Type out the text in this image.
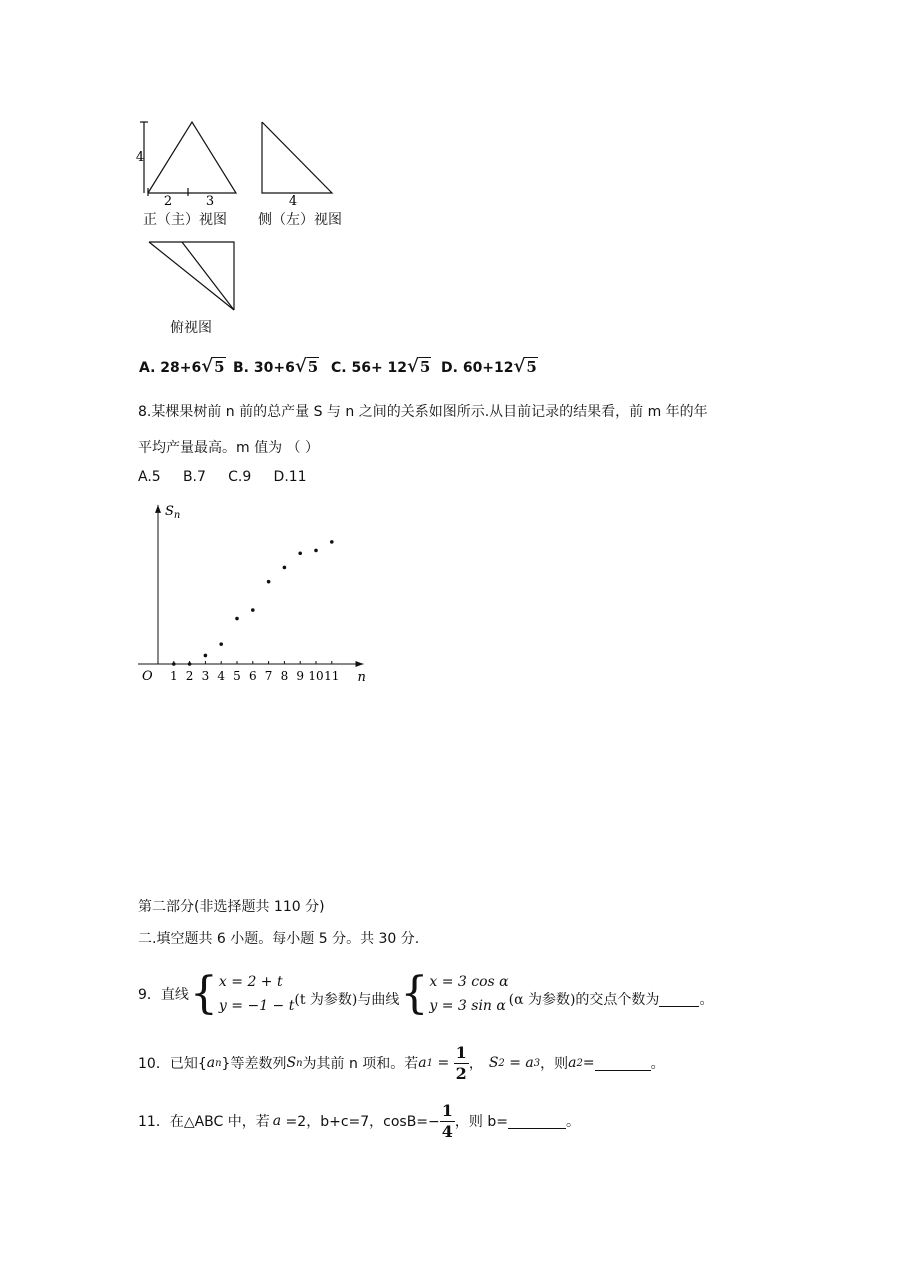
4
2	3	4
正（主）视图 侧（左）视图
俯视图
A. 28+6√5 B. 30+6√5 C. 56+ 12√5 D. 60+12√5
8.某棵果树前 n 前的总产量 S 与 n 之间的关系如图所示.从目前记录的结果看，前 m 年的年
平均产量最高。m 值为 （ ）
A.5     B.7     C.9     D.11
$S_n$
n
O 1 2 3 4 5 6 7 8 9 10 11
第二部分(非选择题共 110 分)
二.填空题共 6 小题。每小题 5 分。共 30 分.
9．直线 { x = 2 + t
y = −1 − t (t 为参数)与曲线 { x = 3 cos α
y = 3 sin α (α 为参数)的交点个数为	。
10．已知{ a n }等差数列 S n 为其前 n 项和。若 a $1 = \frac{1}{2}$ ， S 2 = a 3 ，则 a 2 =	。
11．在△ABC 中，若 a =2，b+c=7，$\cos B=- \frac{1}{4}$ ，则 b=	。
